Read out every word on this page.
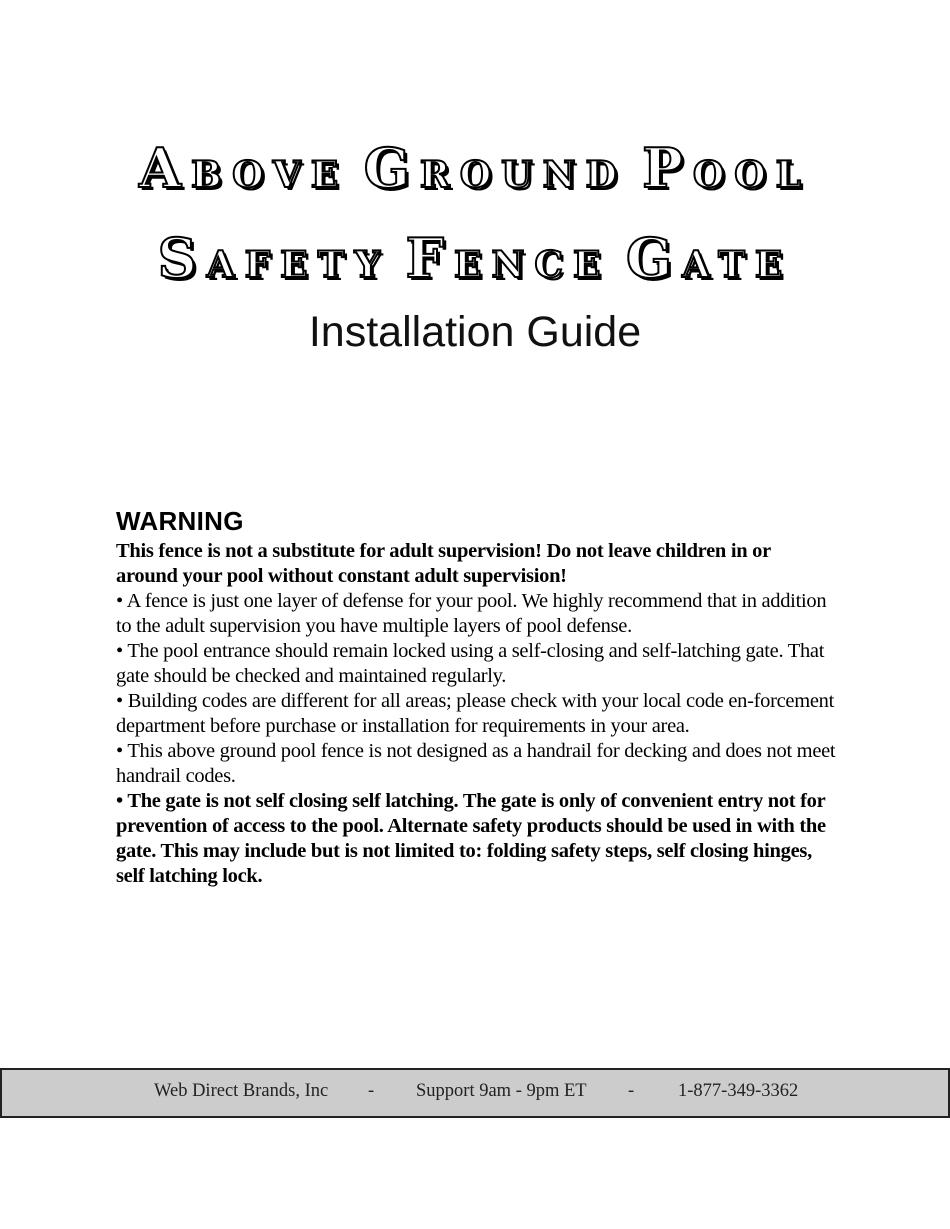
ABOVE GROUND POOL
SAFETY FENCE GATE
Installation Guide
WARNING

This fence is not a substitute for adult supervision! Do not leave children in or around your pool without constant adult supervision!

• A fence is just one layer of defense for your pool. We highly recommend that in addition to the adult supervision you have multiple layers of pool defense.

• The pool entrance should remain locked using a self-closing and self-latching gate. That gate should be checked and maintained regularly.

• Building codes are different for all areas; please check with your local code en-forcement department before purchase or installation for requirements in your area.

• This above ground pool fence is not designed as a handrail for decking and does not meet handrail codes.

• The gate is not self closing self latching. The gate is only of convenient entry not for prevention of access to the pool. Alternate safety products should be used in with the gate. This may include but is not limited to: folding safety steps, self closing hinges, self latching lock.

Web Direct Brands, Inc - Support 9am - 9pm ET - 1-877-349-3362
